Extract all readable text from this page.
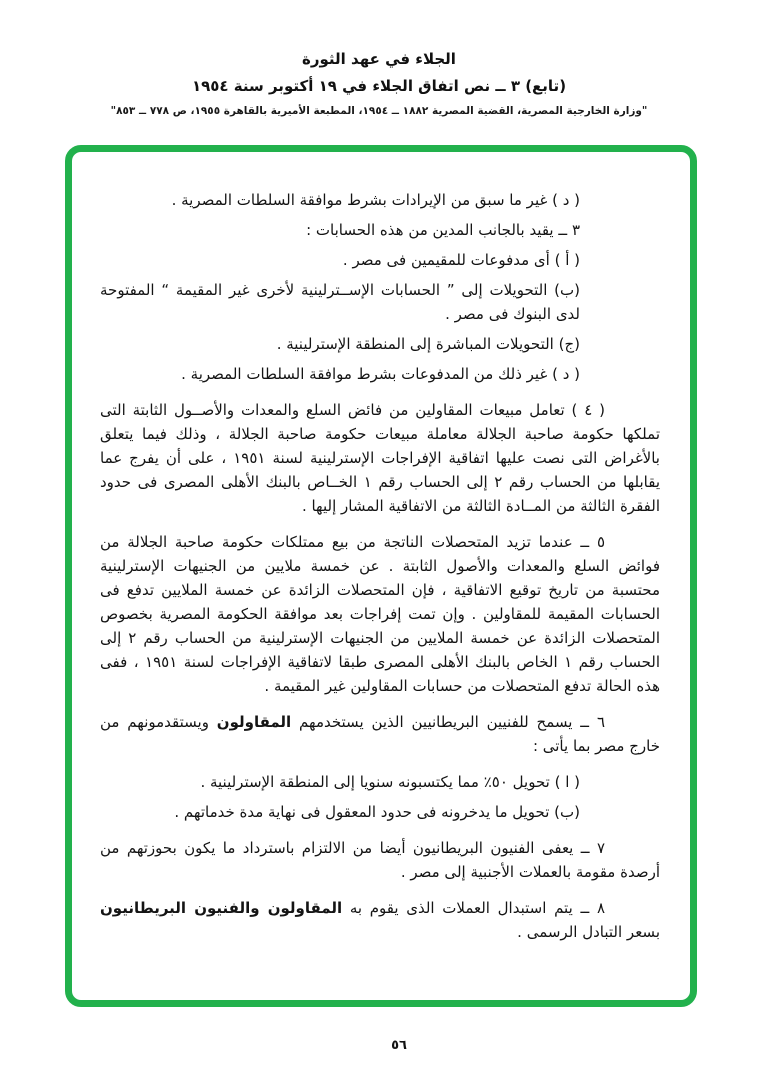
الجلاء في عهد الثورة
(تابع) ٣ ــ نص اتفاق الجلاء في ١٩ أكتوبر سنة ١٩٥٤
"وزارة الخارجية المصرية، القضية المصرية ١٨٨٢ ــ ١٩٥٤، المطبعة الأميرية بالقاهرة ١٩٥٥، ص ٧٧٨ ــ ٨٥٣"

( د ) غير ما سبق من الإيرادات بشرط موافقة السلطات المصرية .

٣ ــ يقيد بالجانب المدين من هذه الحسابات :

( أ ) أى مدفوعات للمقيمين فى مصر .

(ب) التحويلات إلى ” الحسابات الإســترلينية لأخرى غير المقيمة “ المفتوحة لدى البنوك فى مصر .

(ج) التحويلات المباشرة إلى المنطقة الإسترلينية .

( د ) غير ذلك من المدفوعات بشرط موافقة السلطات المصرية .

( ٤ ) تعامل مبيعات المقاولين من فائض السلع والمعدات والأصــول الثابتة التى تملكها حكومة صاحبة الجلالة معاملة مبيعات حكومة صاحبة الجلالة ، وذلك فيما يتعلق بالأغراض التى نصت عليها اتفاقية الإفراجات الإسترلينية لسنة ١٩٥١ ، على أن يفرج عما يقابلها من الحساب رقم ٢ إلى الحساب رقم ١ الخــاص بالبنك الأهلى المصرى فى حدود الفقرة الثالثة من المــادة الثالثة من الاتفاقية المشار إليها .

٥ ــ عندما تزيد المتحصلات الناتجة من بيع ممتلكات حكومة صاحبة الجلالة من فوائض السلع والمعدات والأصول الثابتة . عن خمسة ملايين من الجنيهات الإسترلينية محتسبة من تاريخ توقيع الاتفاقية ، فإن المتحصلات الزائدة عن خمسة الملايين تدفع فى الحسابات المقيمة للمقاولين . وإن تمت إفراجات بعد موافقة الحكومة المصرية بخصوص المتحصلات الزائدة عن خمسة الملايين من الجنيهات الإسترلينية من الحساب رقم ٢ إلى الحساب رقم ١ الخاص بالبنك الأهلى المصرى طبقا لاتفاقية الإفراجات لسنة ١٩٥١ ، ففى هذه الحالة تدفع المتحصلات من حسابات المقاولين غير المقيمة .

٦ ــ يسمح للفنيين البريطانيين الذين يستخدمهم المقاولون ويستقدمونهم من خارج مصر بما يأتى :

( ا ) تحويل ٥٠٪ مما يكتسبونه سنويا إلى المنطقة الإسترلينية .

(ب) تحويل ما يدخرونه فى حدود المعقول فى نهاية مدة خدماتهم .

٧ ــ يعفى الفنيون البريطانيون أيضا من الالتزام باسترداد ما يكون بحوزتهم من أرصدة مقومة بالعملات الأجنبية إلى مصر .

٨ ــ يتم استبدال العملات الذى يقوم به المقاولون والفنيون البريطانيون بسعر التبادل الرسمى .

٥٦
